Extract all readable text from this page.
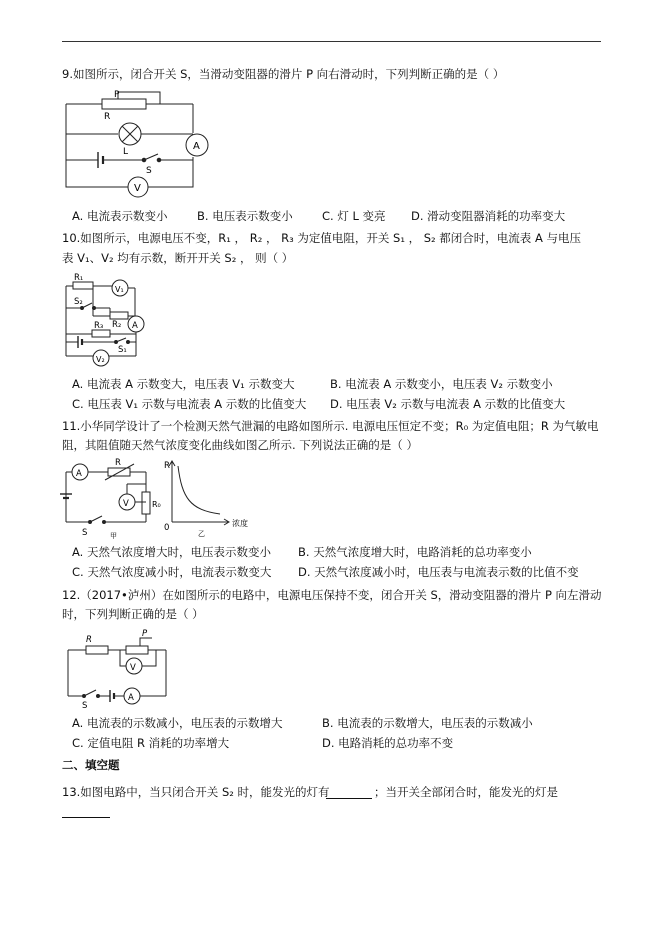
9.如图所示，闭合开关 S，当滑动变阻器的滑片 P 向右滑动时，下列判断正确的是（ ）
P
R
L
S
A
V
A. 电流表示数变小	B. 电压表示数变小	C. 灯 L 变亮 D. 滑动变阻器消耗的功率变大
10.如图所示，电源电压不变，R₁ ， R₂ ， R₃ 为定值电阻，开关 S₁ ， S₂ 都闭合时，电流表 A 与电压
表 V₁、V₂ 均有示数，断开开关 S₂ ， 则（ ）
R₁
S₂
R₂
R₃
S₁
A
V₁
V₂
A. 电流表 A 示数变大，电压表 V₁ 示数变大	B. 电流表 A 示数变小，电压表 V₂ 示数变小
C. 电压表 V₁ 示数与电流表 A 示数的比值变大 D. 电压表 V₂ 示数与电流表 A 示数的比值变大
11.小华同学设计了一个检测天然气泄漏的电路如图所示. 电源电压恒定不变；R₀ 为定值电阻；R 为气敏电
阻，其阻值随天然气浓度变化曲线如图乙所示. 下列说法正确的是（ ）
A
R
V	R₀
S	甲
R
0
乙
浓度
A. 天然气浓度增大时，电压表示数变小 B. 天然气浓度增大时，电路消耗的总功率变小
C. 天然气浓度减小时，电流表示数变大 D. 天然气浓度减小时，电压表与电流表示数的比值不变
12.（2017•泸州）在如图所示的电路中，电源电压保持不变，闭合开关 S，滑动变阻器的滑片 P 向左滑动
时，下列判断正确的是（ ）
R
P
V
S
A
A. 电流表的示数减小，电压表的示数增大	B. 电流表的示数增大，电压表的示数减小
C. 定值电阻 R 消耗的功率增大	D. 电路消耗的总功率不变
二、填空题
13.如图电路中，当只闭合开关 S₂ 时，能发光的灯有	；当开关全部闭合时，能发光的灯是
